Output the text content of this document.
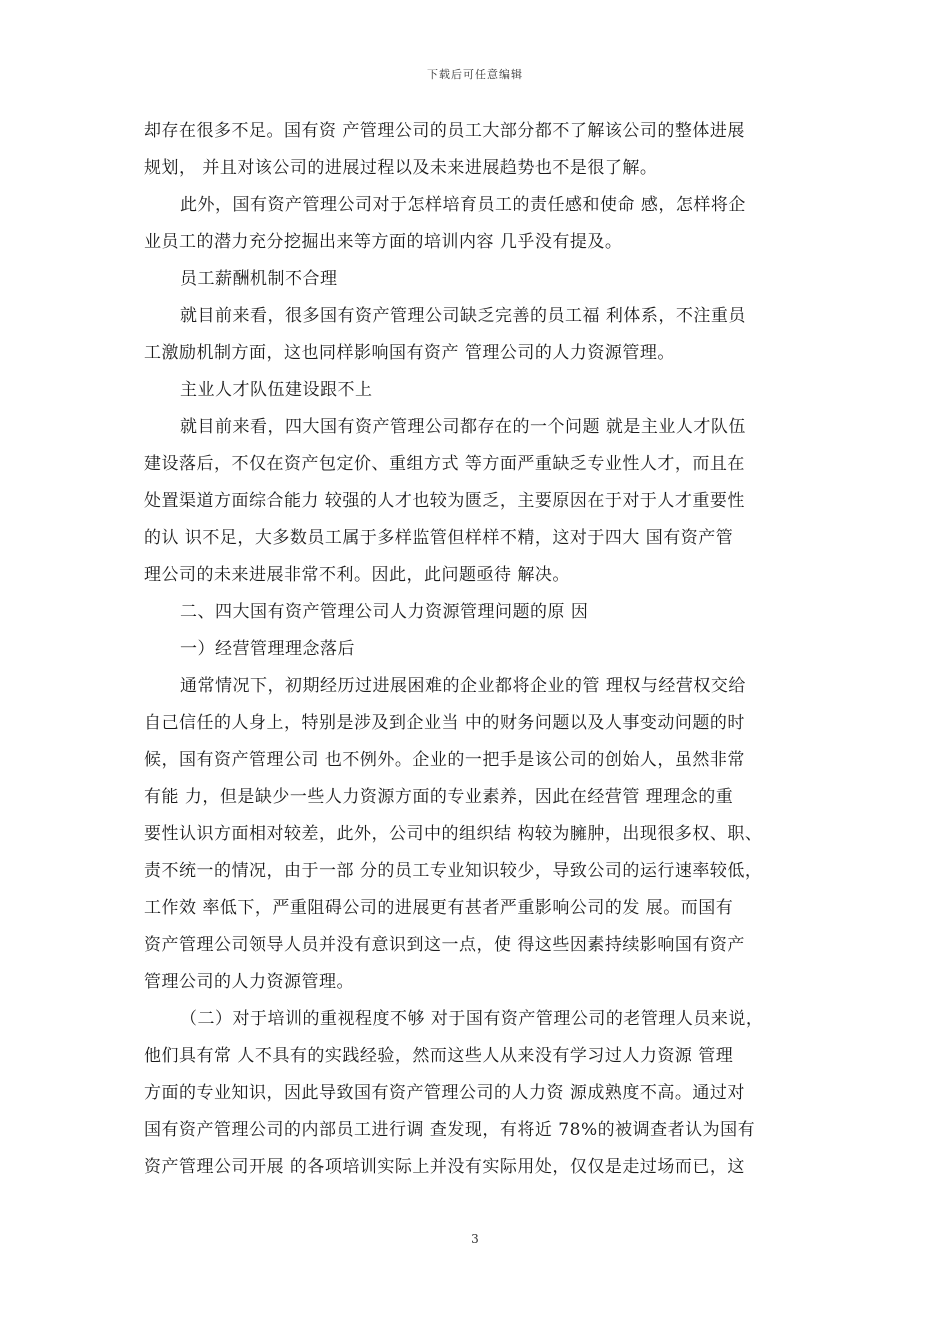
下载后可任意编辑
却存在很多不足。国有资 产管理公司的员工大部分都不了解该公司的整体进展
规划， 并且对该公司的进展过程以及未来进展趋势也不是很了解。
此外，国有资产管理公司对于怎样培育员工的责任感和使命 感，怎样将企
业员工的潜力充分挖掘出来等方面的培训内容 几乎没有提及。
员工薪酬机制不合理
就目前来看，很多国有资产管理公司缺乏完善的员工福 利体系，不注重员
工激励机制方面，这也同样影响国有资产 管理公司的人力资源管理。
主业人才队伍建设跟不上
就目前来看，四大国有资产管理公司都存在的一个问题 就是主业人才队伍
建设落后，不仅在资产包定价、重组方式 等方面严重缺乏专业性人才，而且在
处置渠道方面综合能力 较强的人才也较为匮乏，主要原因在于对于人才重要性
的认 识不足，大多数员工属于多样监管但样样不精，这对于四大 国有资产管
理公司的未来进展非常不利。因此，此问题亟待 解决。
二、四大国有资产管理公司人力资源管理问题的原 因
一）经营管理理念落后
通常情况下，初期经历过进展困难的企业都将企业的管 理权与经营权交给
自己信任的人身上，特别是涉及到企业当 中的财务问题以及人事变动问题的时
候，国有资产管理公司 也不例外。企业的一把手是该公司的创始人，虽然非常
有能 力，但是缺少一些人力资源方面的专业素养，因此在经营管 理理念的重
要性认识方面相对较差，此外，公司中的组织结 构较为臃肿，出现很多权、职、
责不统一的情况，由于一部 分的员工专业知识较少，导致公司的运行速率较低，
工作效 率低下，严重阻碍公司的进展更有甚者严重影响公司的发 展。而国有
资产管理公司领导人员并没有意识到这一点，使 得这些因素持续影响国有资产
管理公司的人力资源管理。
（二）对于培训的重视程度不够 对于国有资产管理公司的老管理人员来说，
他们具有常 人不具有的实践经验，然而这些人从来没有学习过人力资源 管理
方面的专业知识，因此导致国有资产管理公司的人力资 源成熟度不高。通过对
国有资产管理公司的内部员工进行调 查发现，有将近 78%的被调查者认为国有
资产管理公司开展 的各项培训实际上并没有实际用处，仅仅是走过场而已，这
3
